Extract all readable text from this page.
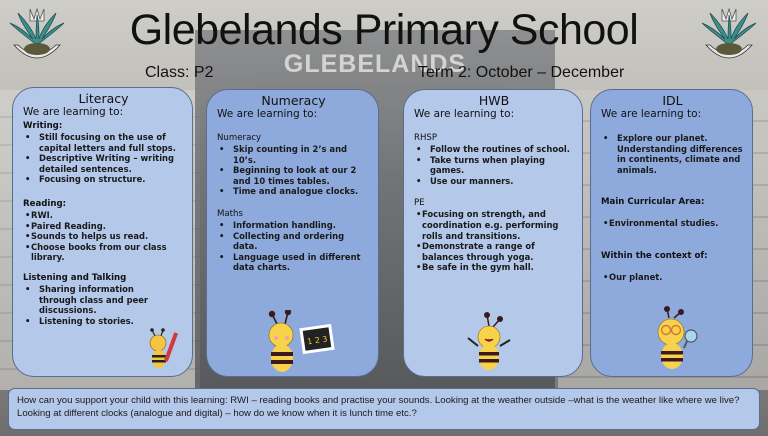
GLEBELANDS
Glebelands Primary School
Class: P2	Term 2: October – December
Literacy
We are learning to:
Writing:
• Still focusing on the use of capital letters and full stops.
• Descriptive Writing – writing detailed sentences.
• Focusing on structure.
Reading:
• RWI.
• Paired Reading.
• Sounds to helps us read.
• Choose books from our class library.
Listening and Talking
• Sharing information through class and peer discussions.
• Listening to stories.
Numeracy
We are learning to:
Numeracy
• Skip counting in 2’s and 10’s.
• Beginning to look at our 2 and 10 times tables.
• Time and analogue clocks.
Maths
• Information handling.
• Collecting and ordering data.
• Language used in different data charts.
1 2 3
HWB
We are learning to:
RHSP
• Follow the routines of school.
• Take turns when playing games.
• Use our manners.
PE
• Focusing on strength, and coordination e.g. performing rolls and transitions.
• Demonstrate a range of balances through yoga.
• Be safe in the gym hall.
IDL
We are learning to:
• Explore our planet. Understanding differences in continents, climate and animals.
Main Curricular Area:
• Environmental studies.
Within the context of:
• Our planet.
How can you support your child with this learning: RWI – reading books and practise your sounds. Looking at the weather outside –what is the weather like where we live? Looking at different clocks (analogue and digital) – how do we know when it is lunch time etc.?
